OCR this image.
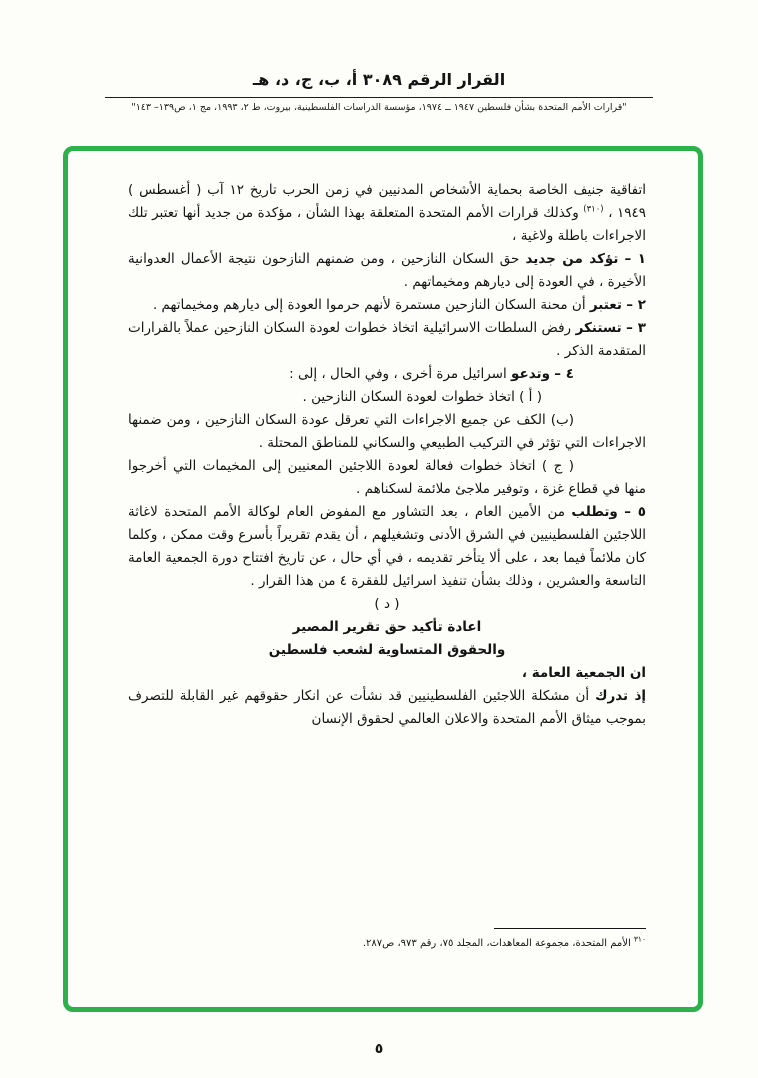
القرار الرقم ٣٠٨٩ أ، ب، ج، د، هـ
"قرارات الأمم المتحدة بشأن فلسطين ١٩٤٧ ــ ١٩٧٤، مؤسسة الدراسات الفلسطينية، بيروت، ط ٢، ١٩٩٣، مج ١، ص١٣٩– ١٤٣"

اتفاقية جنيف الخاصة بحماية الأشخاص المدنيين في زمن الحرب تاريخ ١٢ آب ( أغسطس ) ١٩٤٩ ، $^{(٣١٠)}$ وكذلك قرارات الأمم المتحدة المتعلقة بهذا الشأن ، مؤكدة من جديد أنها تعتبر تلك الاجراءات باطلة ولاغية ،

١ – تؤكد من جديد حق السكان النازحين ، ومن ضمنهم النازحون نتيجة الأعمال العدوانية الأخيرة ، في العودة إلى ديارهم ومخيماتهم .

٢ – تعتبر أن محنة السكان النازحين مستمرة لأنهم حرموا العودة إلى ديارهم ومخيماتهم .

٣ – تستنكر رفض السلطات الاسرائيلية اتخاذ خطوات لعودة السكان النازحين عملاً بالقرارات المتقدمة الذكر .

٤ – وتدعو اسرائيل مرة أخرى ، وفي الحال ، إلى :

( أ ) اتخاذ خطوات لعودة السكان النازحين .

(ب) الكف عن جميع الاجراءات التي تعرقل عودة السكان النازحين ، ومن ضمنها الاجراءات التي تؤثر في التركيب الطبيعي والسكاني للمناطق المحتلة .

( ج ) اتخاذ خطوات فعالة لعودة اللاجئين المعنيين إلى المخيمات التي أخرجوا منها في قطاع غزة ، وتوفير ملاجئ ملائمة لسكناهم .

٥ – وتطلب من الأمين العام ، بعد التشاور مع المفوض العام لوكالة الأمم المتحدة لاغاثة اللاجئين الفلسطينيين في الشرق الأدنى وتشغيلهم ، أن يقدم تقريراً بأسرع وقت ممكن ، وكلما كان ملائماً فيما بعد ، على ألا يتأخر تقديمه ، في أي حال ، عن تاريخ افتتاح دورة الجمعية العامة التاسعة والعشرين ، وذلك بشأن تنفيذ اسرائيل للفقرة ٤ من هذا القرار .

( د )

اعادة تأكيد حق تقرير المصير

والحقوق المتساوية لشعب فلسطين

ان الجمعية العامة ،

إذ تدرك أن مشكلة اللاجئين الفلسطينيين قد نشأت عن انكار حقوقهم غير القابلة للتصرف بموجب ميثاق الأمم المتحدة والاعلان العالمي لحقوق الإنسان

$^{٣١٠}$ الأمم المتحدة، مجموعة المعاهدات، المجلد ٧٥، رقم ٩٧٣، ص٢٨٧.
٥
